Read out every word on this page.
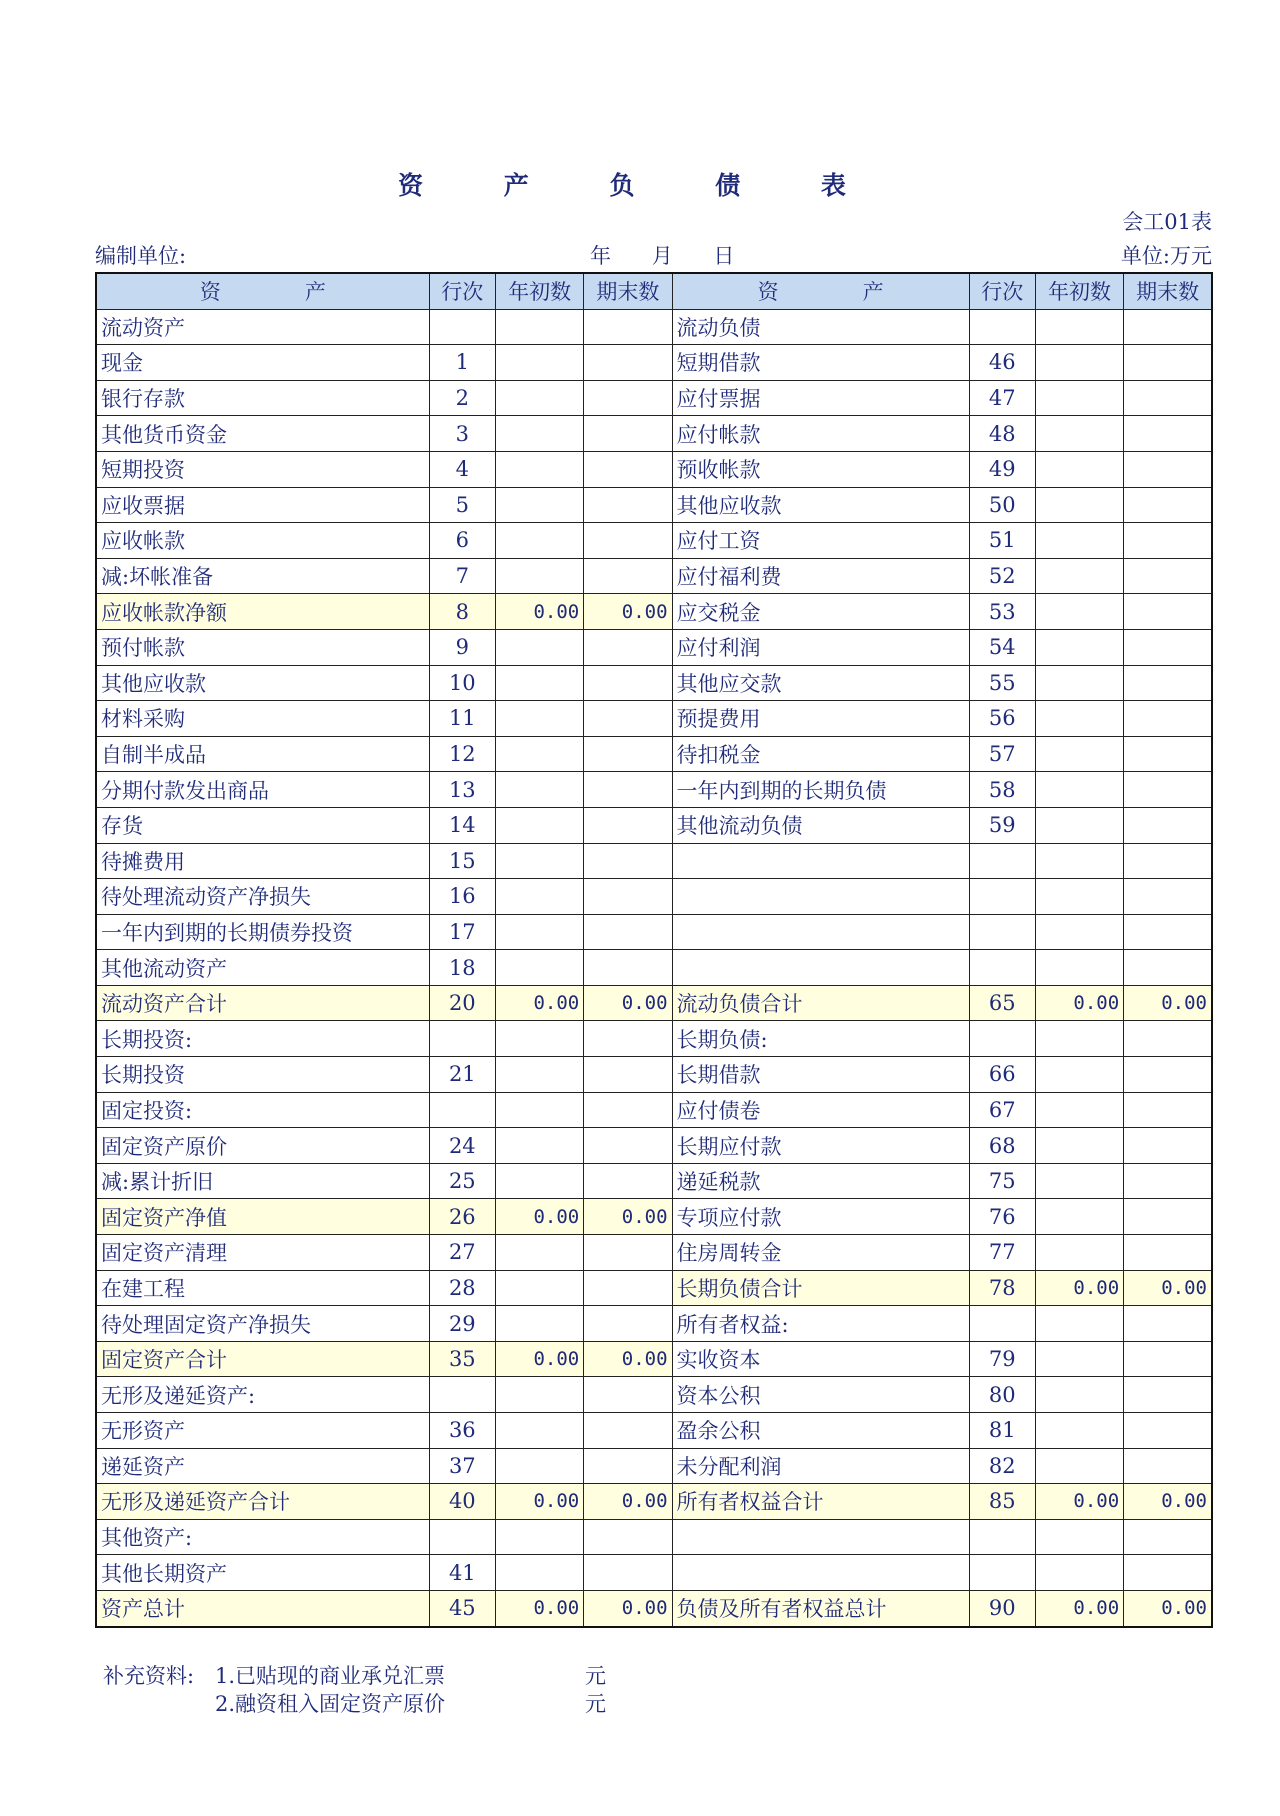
资 产 负 债 表
会工01表
编制单位:	年 月 日	单位:万元
资　　　　产	行次	年初数	期末数	资　　　　产	行次	年初数	期末数
流动资产				流动负债			
现金	1			短期借款	46		
银行存款	2			应付票据	47		
其他货币资金	3			应付帐款	48		
短期投资	4			预收帐款	49		
应收票据	5			其他应收款	50		
应收帐款	6			应付工资	51		
减:坏帐准备	7			应付福利费	52		
应收帐款净额	8	0.00	0.00	应交税金	53		
预付帐款	9			应付利润	54		
其他应收款	10			其他应交款	55		
材料采购	11			预提费用	56		
自制半成品	12			待扣税金	57		
分期付款发出商品	13			一年内到期的长期负债	58		
存货	14			其他流动负债	59		
待摊费用	15						
待处理流动资产净损失	16						
一年内到期的长期债券投资	17						
其他流动资产	18						
流动资产合计	20	0.00	0.00	流动负债合计	65	0.00	0.00
长期投资:				长期负债:			
长期投资	21			长期借款	66		
固定投资:				应付债卷	67		
固定资产原价	24			长期应付款	68		
减:累计折旧	25			递延税款	75		
固定资产净值	26	0.00	0.00	专项应付款	76		
固定资产清理	27			住房周转金	77		
在建工程	28			长期负债合计	78	0.00	0.00
待处理固定资产净损失	29			所有者权益:			
固定资产合计	35	0.00	0.00	实收资本	79		
无形及递延资产:				资本公积	80		
无形资产	36			盈余公积	81		
递延资产	37			未分配利润	82		
无形及递延资产合计	40	0.00	0.00	所有者权益合计	85	0.00	0.00
其他资产:							
其他长期资产	41						
资产总计	45	0.00	0.00	负债及所有者权益总计	90	0.00	0.00
补充资料: 1.已贴现的商业承兑汇票	元
2.融资租入固定资产原价	元
